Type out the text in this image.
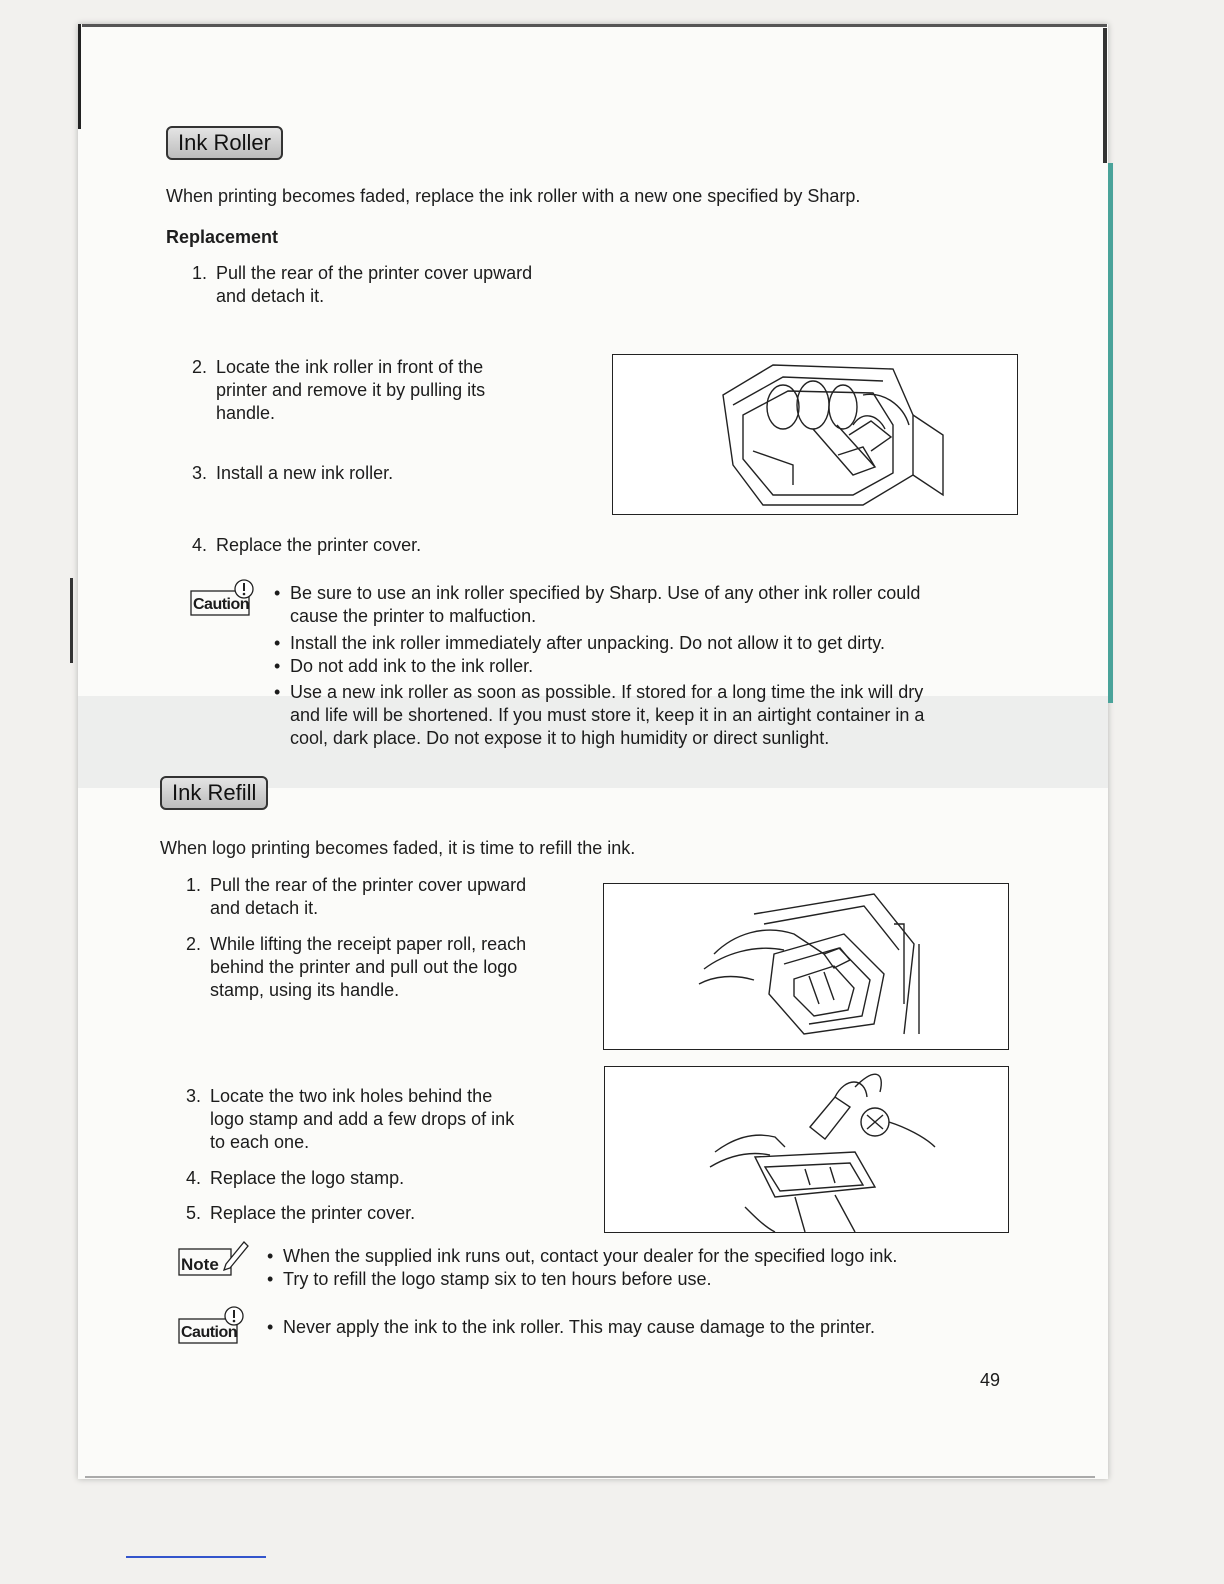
Ink Roller
When printing becomes faded, replace the ink roller with a new one specified by Sharp.
Replacement
1. Pull the rear of the printer cover upward
and detach it.
2. Locate the ink roller in front of the
printer and remove it by pulling its
handle.
3. Install a new ink roller.
4. Replace the printer cover.
Caution
• Be sure to use an ink roller specified by Sharp. Use of any other ink roller could
cause the printer to malfuction.
• Install the ink roller immediately after unpacking. Do not allow it to get dirty.
• Do not add ink to the ink roller.
• Use a new ink roller as soon as possible. If stored for a long time the ink will dry
and life will be shortened. If you must store it, keep it in an airtight container in a
cool, dark place. Do not expose it to high humidity or direct sunlight.
Ink Refill
When logo printing becomes faded, it is time to refill the ink.
1. Pull the rear of the printer cover upward
and detach it.
2. While lifting the receipt paper roll, reach
behind the printer and pull out the logo
stamp, using its handle.
3. Locate the two ink holes behind the
logo stamp and add a few drops of ink
to each one.
4. Replace the logo stamp.
5. Replace the printer cover.
Note	• When the supplied ink runs out, contact your dealer for the specified logo ink.
• Try to refill the logo stamp six to ten hours before use.
Caution • Never apply the ink to the ink roller. This may cause damage to the printer.
49
